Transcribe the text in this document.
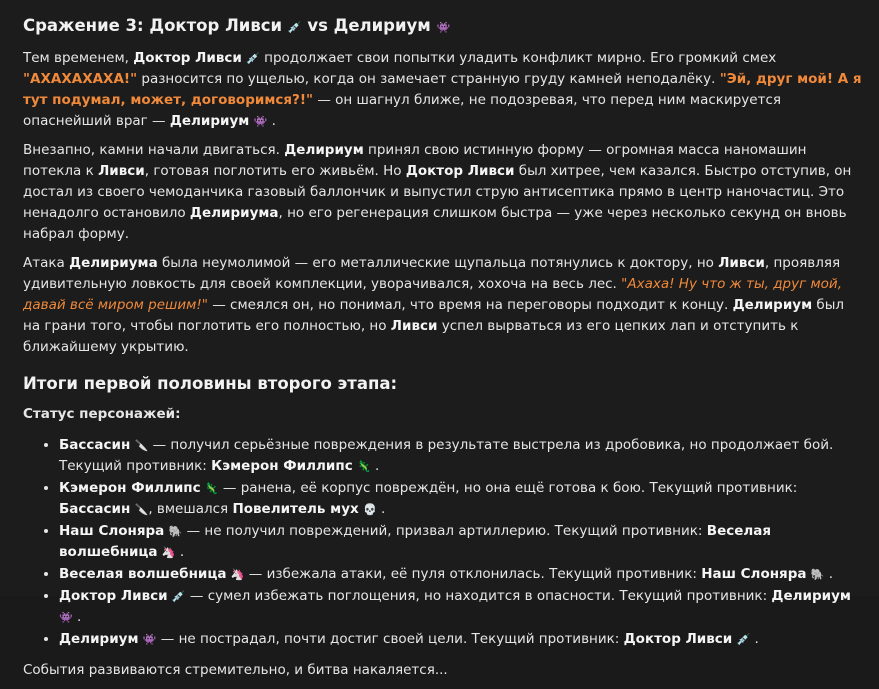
Сражение 3: Доктор Ливси 💉 vs Делириум 👾

Тем временем, Доктор Ливси 💉 продолжает свои попытки уладить конфликт мирно. Его громкий смех "АХАХАХАХА!" разносится по ущелью, когда он замечает странную груду камней неподалёку. "Эй, друг мой! А я тут подумал, может, договоримся?!" — он шагнул ближе, не подозревая, что перед ним маскируется опаснейший враг — Делириум 👾 .

Внезапно, камни начали двигаться. Делириум принял свою истинную форму — огромная масса наномашин потекла к Ливси, готовая поглотить его живьём. Но Доктор Ливси был хитрее, чем казался. Быстро отступив, он достал из своего чемоданчика газовый баллончик и выпустил струю антисептика прямо в центр наночастиц. Это ненадолго остановило Делириума, но его регенерация слишком быстра — уже через несколько секунд он вновь набрал форму.

Атака Делириума была неумолимой — его металлические щупальца потянулись к доктору, но Ливси, проявляя удивительную ловкость для своей комплекции, уворачивался, хохоча на весь лес. "Ахаха! Ну что ж ты, друг мой, давай всё миром решим!" — смеялся он, но понимал, что время на переговоры подходит к концу. Делириум был на грани того, чтобы поглотить его полностью, но Ливси успел вырваться из его цепких лап и отступить к ближайшему укрытию.

Итоги первой половины второго этапа:
Статус персонажей:
• Бассасин 🔪 — получил серьёзные повреждения в результате выстрела из дробовика, но продолжает бой. Текущий противник: Кэмерон Филлипс 🦎 .
• Кэмерон Филлипс 🦎 — ранена, её корпус повреждён, но она ещё готова к бою. Текущий противник: Бассасин 🔪, вмешался Повелитель мух 💀 .
• Наш Слоняра 🐘 — не получил повреждений, призвал артиллерию. Текущий противник: Веселая волшебница 🦄 .
• Веселая волшебница 🦄 — избежала атаки, её пуля отклонилась. Текущий противник: Наш Слоняра 🐘 .
• Доктор Ливси 💉 — сумел избежать поглощения, но находится в опасности. Текущий противник: Делириум 👾 .
• Делириум 👾 — не пострадал, почти достиг своей цели. Текущий противник: Доктор Ливси 💉 .

События развиваются стремительно, и битва накаляется...
